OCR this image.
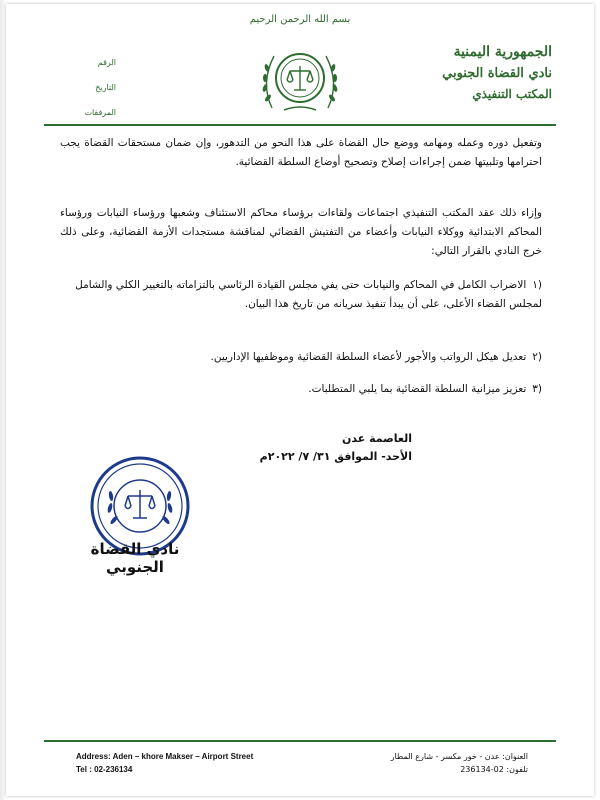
بسم الله الرحمن الرحيم
الجمهورية اليمنية
نادي القضاة الجنوبي
المكتب التنفيذي
الرقم
التاريخ
المرفقات
وتفعيل دوره وعمله ومهامه ووضع حال القضاة على هذا النحو من التدهور، وإن ضمان مستحقات القضاة يجب احترامها وتلبيتها ضمن إجراءات إصلاح وتصحيح أوضاع السلطة القضائية.
وإزاء ذلك عقد المكتب التنفيذي اجتماعات ولقاءات برؤساء محاكم الاستئناف وشعبها ورؤساء النيابات ورؤساء المحاكم الابتدائية ووكلاء النيابات وأعضاء من التفتيش القضائي لمناقشة مستجدات الأزمة القضائية، وعلى ذلك خرج النادي بالقرار التالي:
(١الاضراب الكامل في المحاكم والنيابات حتى يفي مجلس القيادة الرئاسي بالتزاماته بالتغيير الكلي والشامل لمجلس القضاء الأعلى، على أن يبدأ تنفيذ سريانه من تاريخ هذا البيان.
(٢تعديل هيكل الرواتب والأجور لأعضاء السلطة القضائية وموظفيها الإداريين.
(٣تعزيز ميزانية السلطة القضائية بما يلبي المتطلبات.
العاصمة عدن
الأحد- الموافق ٣١/ ٧/ ٢٠٢٢م
نادي القضاة الجنوبي
Address: Aden – khore Makser – Airport Street
Tel : 02-236134
العنوان: عدن - خور مكسر - شارع المطار
تلفون: 02-236134
